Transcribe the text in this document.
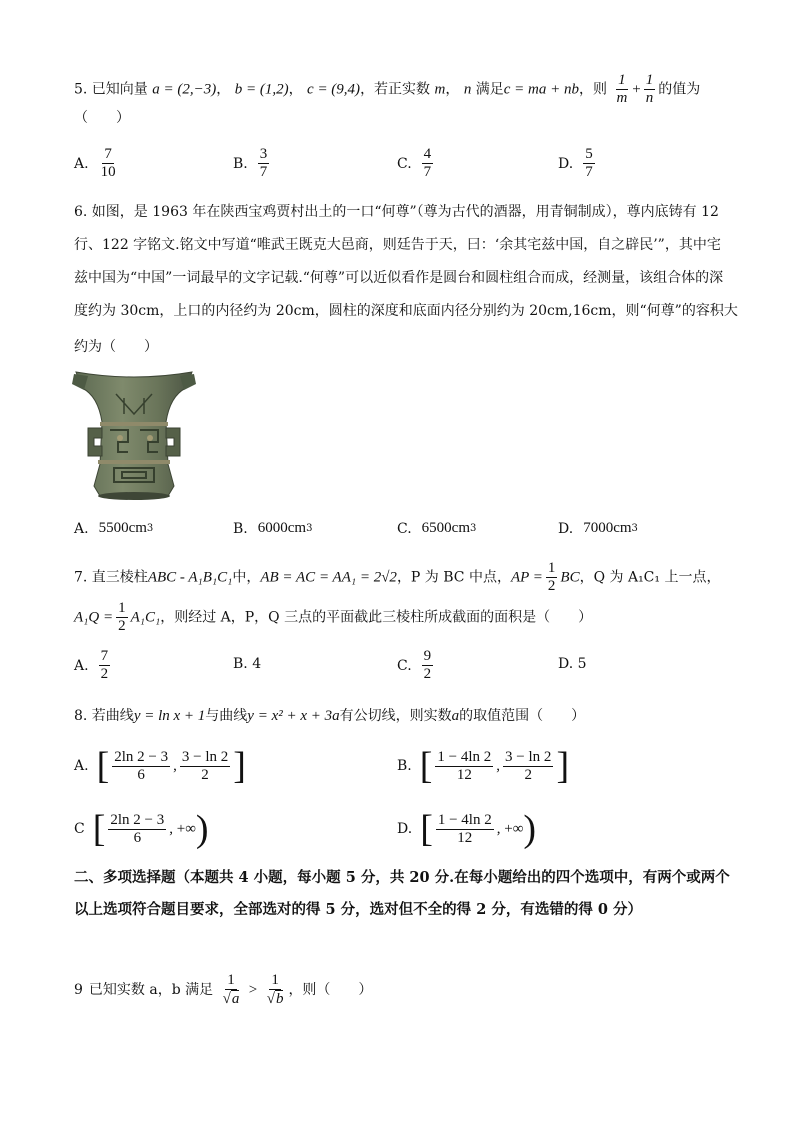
5. 已知向量 a = (2,−3)， b = (1,2)， c = (9,4)，若正实数 m， n 满足c = ma + nb，则 $\frac{1}{m} + \frac{1}{n}$ 的值为
（　　）
A. $\frac{7}{10}$	B. $\frac{3}{7}$	C. $\frac{4}{7}$	D. $\frac{5}{7}$
6. 如图，是 1963 年在陕西宝鸡贾村出土的一口“何尊”（尊为古代的酒器，用青铜制成），尊内底铸有 12
行、122 字铭文.铭文中写道“唯武王既克大邑商，则廷告于天，曰：‘余其宅兹中国，自之辟民’”，其中宅
兹中国为“中国”一词最早的文字记载.“何尊”可以近似看作是圆台和圆柱组合而成，经测量，该组合体的深
度约为 30cm，上口的内径约为 20cm，圆柱的深度和底面内径分别约为 20cm,16cm，则“何尊”的容积大
约为（　　）
A. 5500cm 3	B. 6000cm 3	C. 6500cm 3	D. 7000cm 3
7. 直三棱柱ABC - A₁B₁C₁中，AB = AC = AA₁ = 2√2，P 为 BC 中点，AP = $\frac{1}{2}$ BC，Q 为 A₁C₁ 上一点，
$A_1Q = \frac{1}{2} A_1C_1$，则经过 A，P，Q 三点的平面截此三棱柱所成截面的面积是（　　）
A. $\frac{7}{2}$	B. 4	C. $\frac{9}{2}$	D. 5
8. 若曲线y = ln x + 1与曲线y = x² + x + 3a有公切线，则实数a的取值范围（　　）
A. [ $\frac{2\ln 2 - 3}{6}$ , $\frac{3 - \ln 2}{2}$ ]	B. [ $\frac{1 - 4\ln 2}{12}$ , $\frac{3 - \ln 2}{2}$ ]
C [ $\frac{2\ln 2 - 3}{6}$ , +∞ )	D. [ $\frac{1 - 4\ln 2}{12}$ , +∞ )
二、多项选择题（本题共 4 小题，每小题 5 分，共 20 分.在每小题给出的四个选项中，有两个或两个以上选项符合题目要求，全部选对的得 5 分，选对但不全的得 2 分，有选错的得 0 分）
9 已知实数 a，b 满足 $\frac{1}{√a} > \frac{1}{√b}$ ，则（　　）
